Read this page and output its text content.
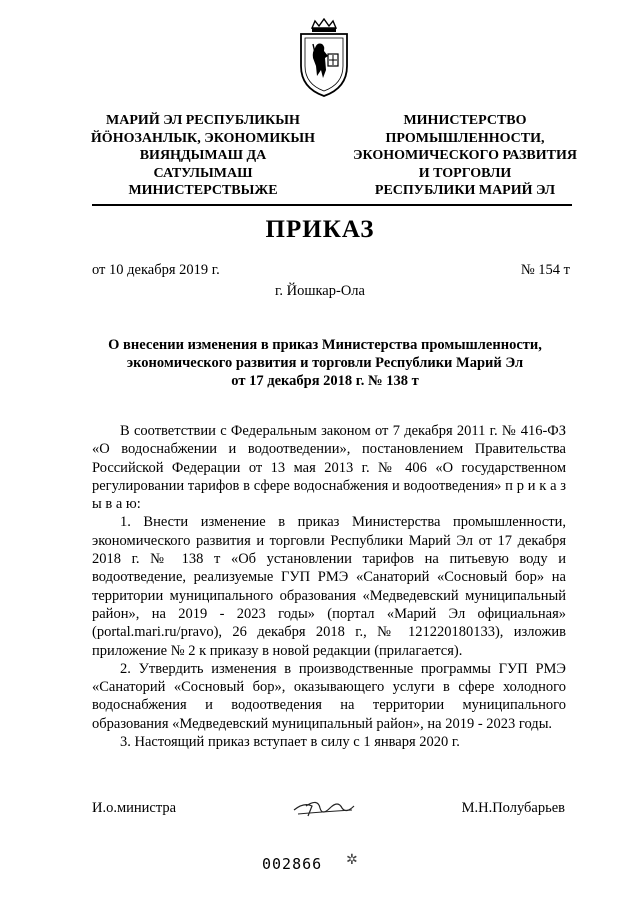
МАРИЙ ЭЛ РЕСПУБЛИКЫН
ЙӦНОЗАНЛЫК, ЭКОНОМИКЫН
ВИЯҢДЫМАШ ДА
САТУЛЫМАШ
МИНИСТЕРСТВЫЖЕ
МИНИСТЕРСТВО
ПРОМЫШЛЕННОСТИ,
ЭКОНОМИЧЕСКОГО РАЗВИТИЯ
И ТОРГОВЛИ
РЕСПУБЛИКИ МАРИЙ ЭЛ
ПРИКАЗ
от 10 декабря 2019 г.	№ 154 т
г. Йошкар-Ола
О внесении изменения в приказ Министерства промышленности,
экономического развития и торговли Республики Марий Эл
от 17 декабря 2018 г. № 138 т

В соответствии с Федеральным законом от 7 декабря 2011 г. № 416-ФЗ «О водоснабжении и водоотведении», постановлением Правительства Российской Федерации от 13 мая 2013 г. № 406 «О государственном регулировании тарифов в сфере водоснабжения и водоотведения» п р и к а з ы в а ю:

1. Внести изменение в приказ Министерства промышленности, экономического развития и торговли Республики Марий Эл от 17 декабря 2018 г. № 138 т «Об установлении тарифов на питьевую воду и водоотведение, реализуемые ГУП РМЭ «Санаторий «Сосновый бор» на территории муниципального образования «Медведевский муниципальный район», на 2019 - 2023 годы» (портал «Марий Эл официальная» (portal.mari.ru/pravo), 26 декабря 2018 г., № 121220180133), изложив приложение № 2 к приказу в новой редакции (прилагается).

2. Утвердить изменения в производственные программы ГУП РМЭ «Санаторий «Сосновый бор», оказывающего услуги в сфере холодного водоснабжения и водоотведения на территории муниципального образования «Медведевский муниципальный район», на 2019 - 2023 годы.

3. Настоящий приказ вступает в силу с 1 января 2020 г.

И.о.министра	М.Н.Полубарьев
002866 ✲
